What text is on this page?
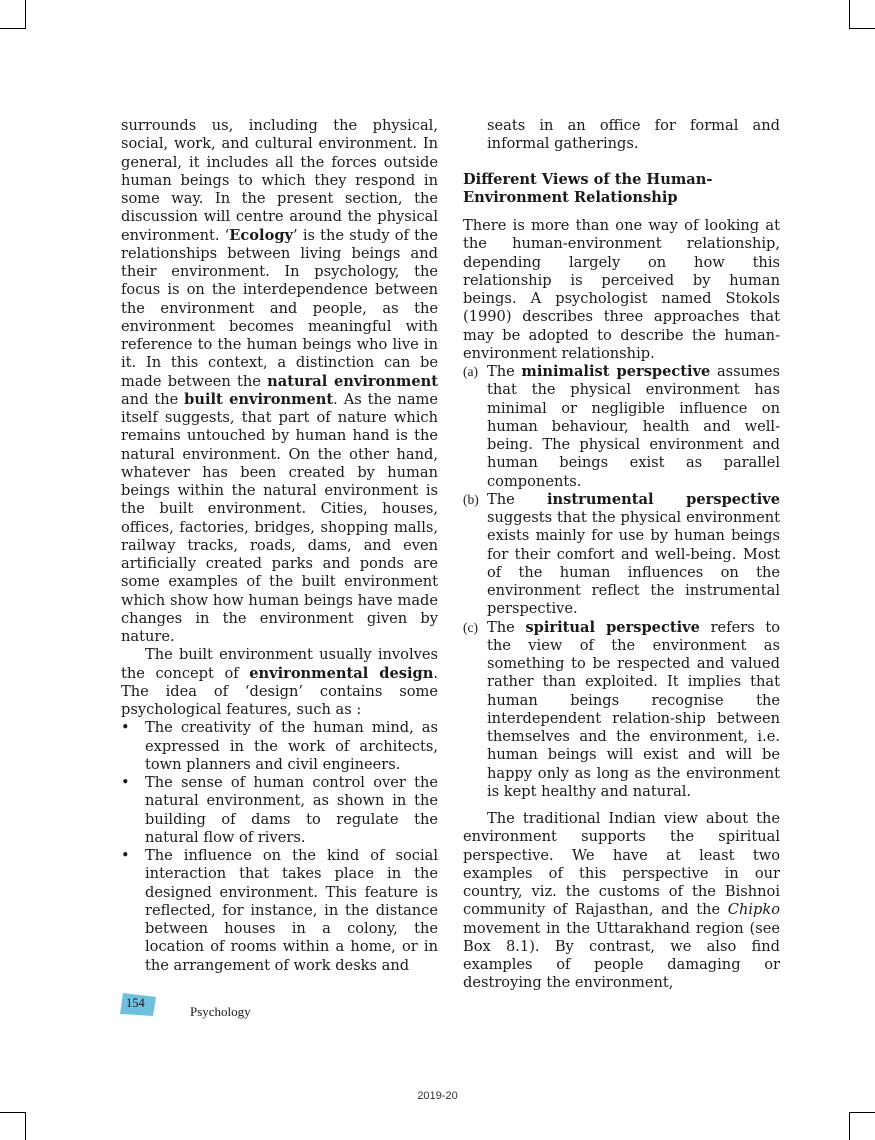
surrounds us, including the physical, social, work, and cultural environment. In general, it includes all the forces outside human beings to which they respond in some way. In the present section, the discussion will centre around the physical environment. ‘Ecology’ is the study of the relationships between living beings and their environment. In psychology, the focus is on the interdependence between the environment and people, as the environment becomes meaningful with reference to the human beings who live in it. In this context, a distinction can be made between the natural environment and the built environment. As the name itself suggests, that part of nature which remains untouched by human hand is the natural environment. On the other hand, whatever has been created by human beings within the natural environment is the built environment. Cities, houses, offices, factories, bridges, shopping malls, railway tracks, roads, dams, and even artificially created parks and ponds are some examples of the built environment which show how human beings have made changes in the environment given by nature.

The built environment usually involves the concept of environmental design. The idea of ‘design’ contains some psychological features, such as :

• The creativity of the human mind, as expressed in the work of architects, town planners and civil engineers.
• The sense of human control over the natural environment, as shown in the building of dams to regulate the natural flow of rivers.
• The influence on the kind of social interaction that takes place in the designed environment. This feature is reflected, for instance, in the distance between houses in a colony, the location of rooms within a home, or in the arrangement of work desks and

seats in an office for formal and informal gatherings.

Different Views of the Human-Environment Relationship

There is more than one way of looking at the human-environment relationship, depending largely on how this relationship is perceived by human beings. A psychologist named Stokols (1990) describes three approaches that may be adopted to describe the human-environment relationship.

(a) The minimalist perspective assumes that the physical environment has minimal or negligible influence on human behaviour, health and well-being. The physical environment and human beings exist as parallel components.
(b) The instrumental perspective suggests that the physical environment exists mainly for use by human beings for their comfort and well-being. Most of the human influences on the environment reflect the instrumental perspective.
(c) The spiritual perspective refers to the view of the environment as something to be respected and valued rather than exploited. It implies that human beings recognise the interdependent relation-ship between themselves and the environment, i.e. human beings will exist and will be happy only as long as the environment is kept healthy and natural.

The traditional Indian view about the environment supports the spiritual perspective. We have at least two examples of this perspective in our country, viz. the customs of the Bishnoi community of Rajasthan, and the Chipko movement in the Uttarakhand region (see Box 8.1). By contrast, we also find examples of people damaging or destroying the environment,

154
Psychology
2019-20
